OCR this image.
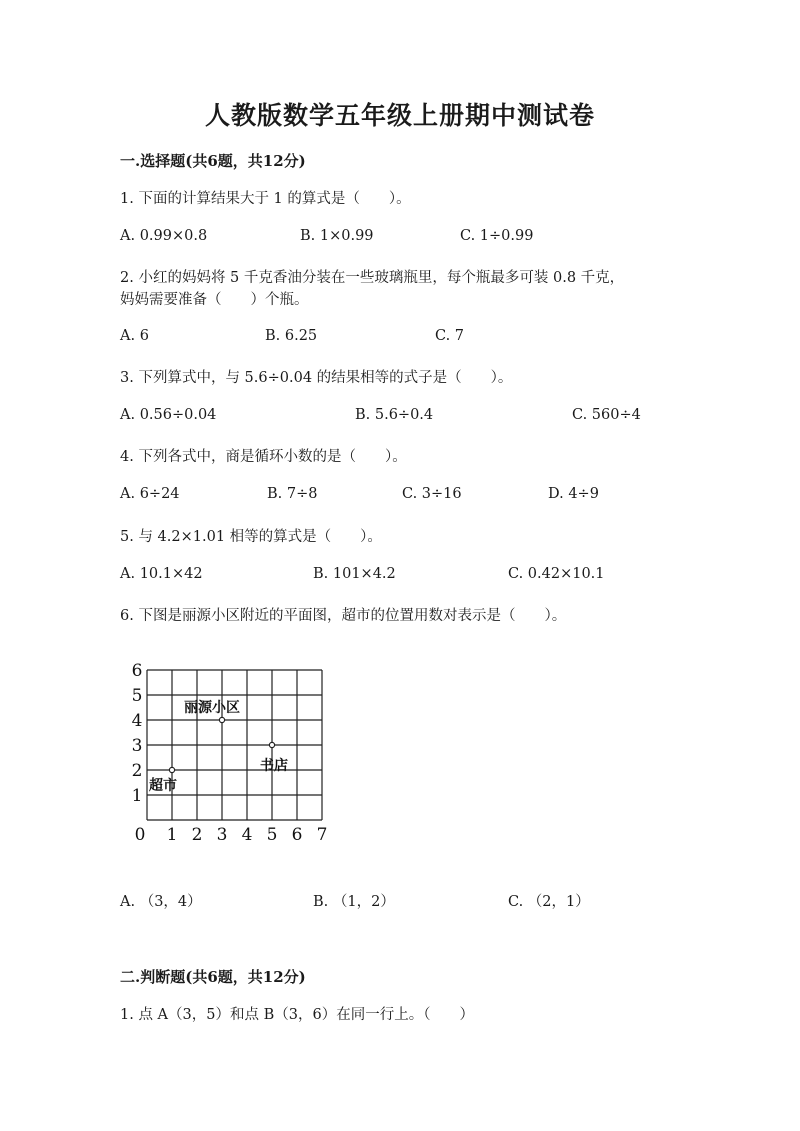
人教版数学五年级上册期中测试卷
一.选择题(共6题，共12分)
1. 下面的计算结果大于 1 的算式是（　　）。
A. 0.99×0.8	B. 1×0.99	C. 1÷0.99
2. 小红的妈妈将 5 千克香油分装在一些玻璃瓶里，每个瓶最多可装 0.8 千克，
妈妈需要准备（　　）个瓶。
A. 6	B. 6.25	C. 7
3. 下列算式中，与 5.6÷0.04 的结果相等的式子是（　　）。
A. 0.56÷0.04	B. 5.6÷0.4	C. 560÷4
4. 下列各式中，商是循环小数的是（　　）。
A. 6÷24	B. 7÷8	C. 3÷16	D. 4÷9
5. 与 4.2×1.01 相等的算式是（　　）。
A. 10.1×42	B. 101×4.2	C. 0.42×10.1
6. 下图是丽源小区附近的平面图，超市的位置用数对表示是（　　）。
0 1 2 3 4 5 6 7
1
2
3
4
5
6
丽源小区
书店
超市
A. （3，4）	B. （1，2）	C. （2，1）
二.判断题(共6题，共12分)
1. 点 A（3，5）和点 B（3，6）在同一行上。（　　）
